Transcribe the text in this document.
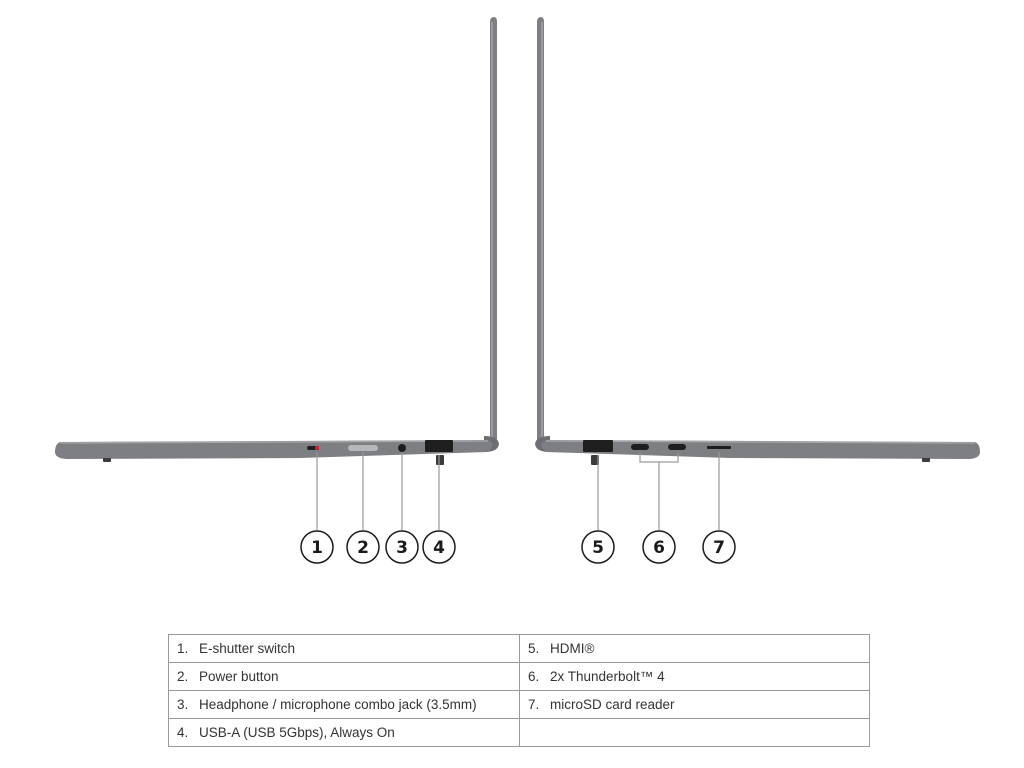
1 2 3 4	5	6	7
1. E-shutter switch	5. HDMI®
2. Power button	6. 2x Thunderbolt™ 4
3. Headphone / microphone combo jack (3.5mm)	7. microSD card reader
4. USB-A (USB 5Gbps), Always On	
